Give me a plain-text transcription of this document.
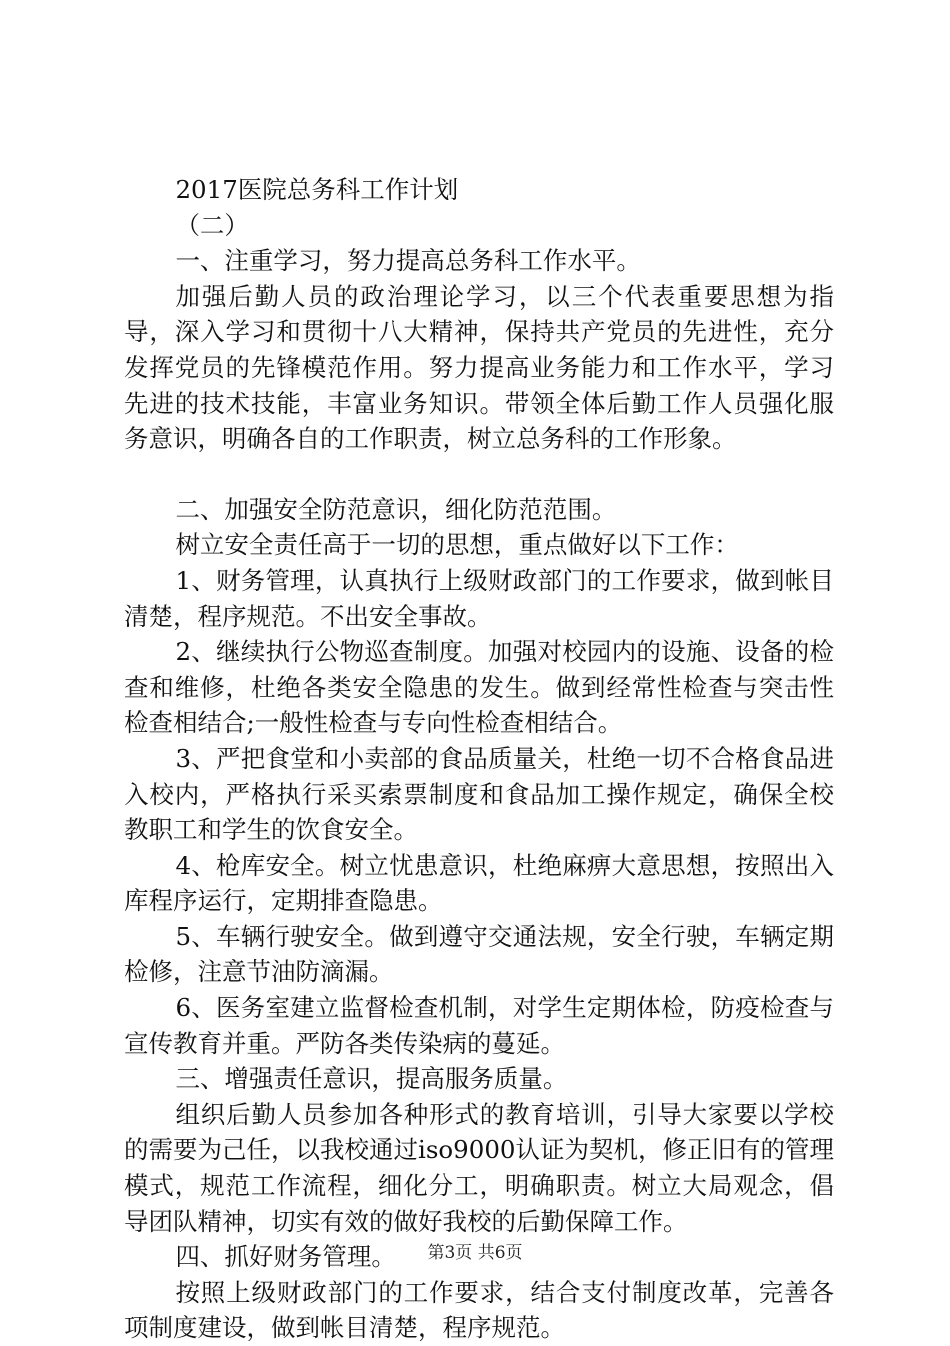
2017医院总务科工作计划

（二）

一、注重学习，努力提高总务科工作水平。

加强后勤人员的政治理论学习，以三个代表重要思想为指导，深入学习和贯彻十八大精神，保持共产党员的先进性，充分发挥党员的先锋模范作用。努力提高业务能力和工作水平，学习先进的技术技能，丰富业务知识。带领全体后勤工作人员强化服务意识，明确各自的工作职责，树立总务科的工作形象。

二、加强安全防范意识，细化防范范围。

树立安全责任高于一切的思想，重点做好以下工作：

1、财务管理，认真执行上级财政部门的工作要求，做到帐目清楚，程序规范。不出安全事故。

2、继续执行公物巡查制度。加强对校园内的设施、设备的检查和维修，杜绝各类安全隐患的发生。做到经常性检查与突击性检查相结合;一般性检查与专向性检查相结合。

3、严把食堂和小卖部的食品质量关，杜绝一切不合格食品进入校内，严格执行采买索票制度和食品加工操作规定，确保全校教职工和学生的饮食安全。

4、枪库安全。树立忧患意识，杜绝麻痹大意思想，按照出入库程序运行，定期排查隐患。

5、车辆行驶安全。做到遵守交通法规，安全行驶，车辆定期检修，注意节油防滴漏。

6、医务室建立监督检查机制，对学生定期体检，防疫检查与宣传教育并重。严防各类传染病的蔓延。

三、增强责任意识，提高服务质量。

组织后勤人员参加各种形式的教育培训，引导大家要以学校的需要为己任，以我校通过iso9000认证为契机，修正旧有的管理模式，规范工作流程，细化分工，明确职责。树立大局观念，倡导团队精神，切实有效的做好我校的后勤保障工作。

四、抓好财务管理。

按照上级财政部门的工作要求，结合支付制度改革，完善各项制度建设，做到帐目清楚，程序规范。

第3页 共6页
